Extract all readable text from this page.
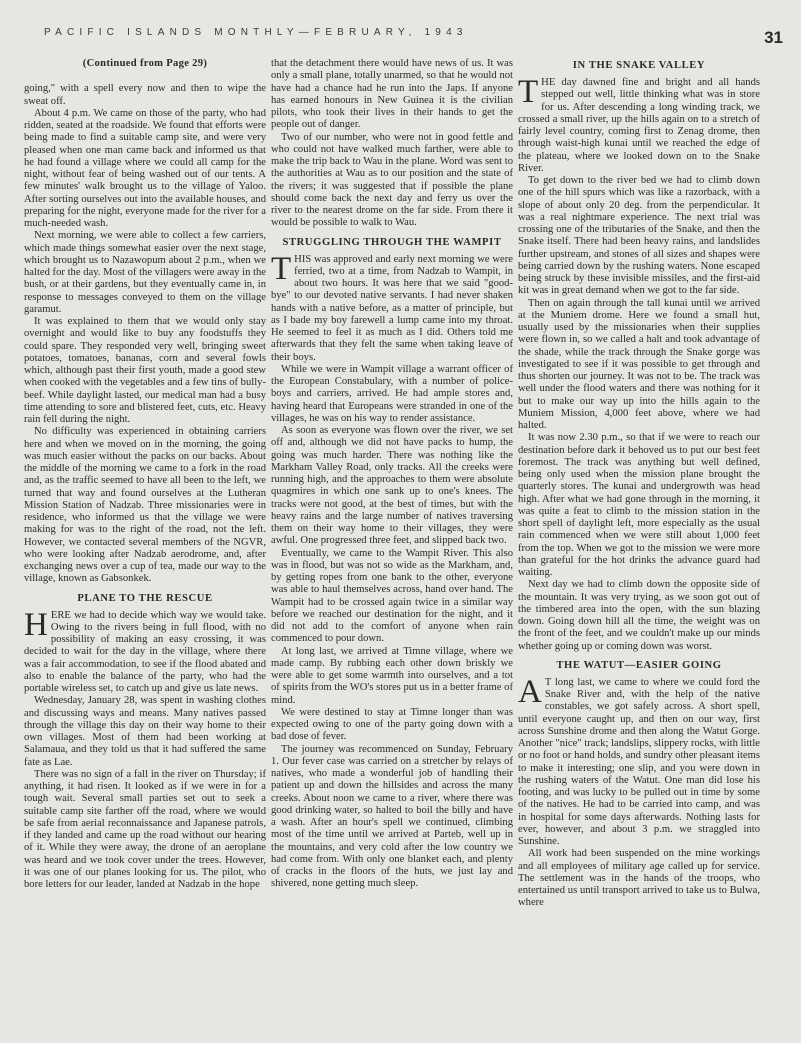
PACIFIC ISLANDS MONTHLY—FEBRUARY, 1943	31
(Continued from Page 29)

going," with a spell every now and then to wipe the sweat off.

About 4 p.m. We came on those of the party, who had ridden, seated at the roadside. We found that efforts were being made to find a suitable camp site, and were very pleased when one man came back and informed us that he had found a village where we could all camp for the night, without fear of being washed out of our tents. A few minutes' walk brought us to the village of Yaloo. After sorting ourselves out into the available houses, and preparing for the night, everyone made for the river for a much-needed wash.

Next morning, we were able to collect a few carriers, which made things somewhat easier over the next stage, which brought us to Nazawopum about 2 p.m., when we halted for the day. Most of the villagers were away in the bush, or at their gardens, but they eventually came in, in response to messages conveyed to them on the village garamut.

It was explained to them that we would only stay overnight and would like to buy any foodstuffs they could spare. They responded very well, bringing sweet potatoes, tomatoes, bananas, corn and several fowls which, although past their first youth, made a good stew when cooked with the vegetables and a few tins of bully-beef. While daylight lasted, our medical man had a busy time attending to sore and blistered feet, cuts, etc. Heavy rain fell during the night.

No difficulty was experienced in obtaining carriers here and when we moved on in the morning, the going was much easier without the packs on our backs. About the middle of the morning we came to a fork in the road and, as the traffic seemed to have all been to the left, we turned that way and found ourselves at the Lutheran Mission Station of Nadzab. Three missionaries were in residence, who informed us that the village we were making for was to the right of the road, not the left. However, we contacted several members of the NGVR, who were looking after Nadzab aerodrome, and, after exchanging news over a cup of tea, made our way to the village, known as Gabsonkek.

PLANE TO THE RESCUE

HERE we had to decide which way we would take. Owing to the rivers being in full flood, with no possibility of making an easy crossing, it was decided to wait for the day in the village, where there was a fair accommodation, to see if the flood abated and also to enable the balance of the party, who had the portable wireless set, to catch up and give us late news.

Wednesday, January 28, was spent in washing clothes and discussing ways and means. Many natives passed through the village this day on their way home to their own villages. Most of them had been working at Salamaua, and they told us that it had suffered the same fate as Lae.

There was no sign of a fall in the river on Thursday; if anything, it had risen. It looked as if we were in for a tough wait. Several small parties set out to seek a suitable camp site farther off the road, where we would be safe from aerial reconnaissance and Japanese patrols, if they landed and came up the road without our hearing of it. While they were away, the drone of an aeroplane was heard and we took cover under the trees. However, it was one of our planes looking for us. The pilot, who bore letters for our leader, landed at Nadzab in the hope

that the detachment there would have news of us. It was only a small plane, totally unarmed, so that he would not have had a chance had he run into the Japs. If anyone has earned honours in New Guinea it is the civilian pilots, who took their lives in their hands to get the people out of danger.

Two of our number, who were not in good fettle and who could not have walked much farther, were able to make the trip back to Wau in the plane. Word was sent to the authorities at Wau as to our position and the state of the rivers; it was suggested that if possible the plane should come back the next day and ferry us over the river to the nearest drome on the far side. From there it would be possible to walk to Wau.

STRUGGLING THROUGH THE WAMPIT

THIS was approved and early next morning we were ferried, two at a time, from Nadzab to Wampit, in about two hours. It was here that we said "good-bye" to our devoted native servants. I had never shaken hands with a native before, as a matter of principle, but as I bade my boy farewell a lump came into my throat. He seemed to feel it as much as I did. Others told me afterwards that they felt the same when taking leave of their boys.

While we were in Wampit village a warrant officer of the European Constabulary, with a number of police-boys and carriers, arrived. He had ample stores and, having heard that Europeans were stranded in one of the villages, he was on his way to render assistance.

As soon as everyone was flown over the river, we set off and, although we did not have packs to hump, the going was much harder. There was nothing like the Markham Valley Road, only tracks. All the creeks were running high, and the approaches to them were absolute quagmires in which one sank up to one's knees. The tracks were not good, at the best of times, but with the heavy rains and the large number of natives traversing them on their way home to their villages, they were awful. One progressed three feet, and slipped back two.

Eventually, we came to the Wampit River. This also was in flood, but was not so wide as the Markham, and, by getting ropes from one bank to the other, everyone was able to haul themselves across, hand over hand. The Wampit had to be crossed again twice in a similar way before we reached our destination for the night, and it did not add to the comfort of anyone when rain commenced to pour down.

At long last, we arrived at Timne village, where we made camp. By rubbing each other down briskly we were able to get some warmth into ourselves, and a tot of spirits from the WO's stores put us in a better frame of mind.

We were destined to stay at Timne longer than was expected owing to one of the party going down with a bad dose of fever.

The journey was recommenced on Sunday, February 1. Our fever case was carried on a stretcher by relays of natives, who made a wonderful job of handling their patient up and down the hillsides and across the many creeks. About noon we came to a river, where there was good drinking water, so halted to boil the billy and have a wash. After an hour's spell we continued, climbing most of the time until we arrived at Parteb, well up in the mountains, and very cold after the low country we had come from. With only one blanket each, and plenty of cracks in the floors of the huts, we just lay and shivered, none getting much sleep.

IN THE SNAKE VALLEY

THE day dawned fine and bright and all hands stepped out well, little thinking what was in store for us. After descending a long winding track, we crossed a small river, up the hills again on to a stretch of fairly level country, coming first to Zenag drome, then through waist-high kunai until we reached the edge of the plateau, where we looked down on to the Snake River.

To get down to the river bed we had to climb down one of the hill spurs which was like a razorback, with a slope of about only 20 deg. from the perpendicular. It was a real nightmare experience. The next trial was crossing one of the tributaries of the Snake, and then the Snake itself. There had been heavy rains, and landslides further upstream, and stones of all sizes and shapes were being carried down by the rushing waters. None escaped being struck by these invisible missiles, and the first-aid kit was in great demand when we got to the far side.

Then on again through the tall kunai until we arrived at the Muniem drome. Here we found a small hut, usually used by the missionaries when their supplies were flown in, so we called a halt and took advantage of the shade, while the track through the Snake gorge was investigated to see if it was possible to get through and thus shorten our journey. It was not to be. The track was well under the flood waters and there was nothing for it but to make our way up into the hills again to the Muniem Mission, 4,000 feet above, where we had halted.

It was now 2.30 p.m., so that if we were to reach our destination before dark it behoved us to put our best feet foremost. The track was anything but well defined, being only used when the mission plane brought the quarterly stores. The kunai and undergrowth was head high. After what we had gone through in the morning, it was quite a feat to climb to the mission station in the short spell of daylight left, more especially as the usual rain commenced when we were still about 1,000 feet from the top. When we got to the mission we were more than grateful for the hot drinks the advance guard had waiting.

Next day we had to climb down the opposite side of the mountain. It was very trying, as we soon got out of the timbered area into the open, with the sun blazing down. Going down hill all the time, the weight was on the front of the feet, and we couldn't make up our minds whether going up or coming down was worst.

THE WATUT—EASIER GOING

A T long last, we came to where we could ford the Snake River and, with the help of the native constables, we got safely across. A short spell, until everyone caught up, and then on our way, first across Sunshine drome and then along the Watut Gorge. Another "nice" track; landslips, slippery rocks, with little or no foot or hand holds, and sundry other pleasant items to make it interesting; one slip, and you were down in the rushing waters of the Watut. One man did lose his footing, and was lucky to be pulled out in time by some of the natives. He had to be carried into camp, and was in hospital for some days afterwards. Nothing lasts for ever, however, and about 3 p.m. we straggled into Sunshine.

All work had been suspended on the mine workings and all employees of military age called up for service. The settlement was in the hands of the troops, who entertained us until transport arrived to take us to Bulwa, where
